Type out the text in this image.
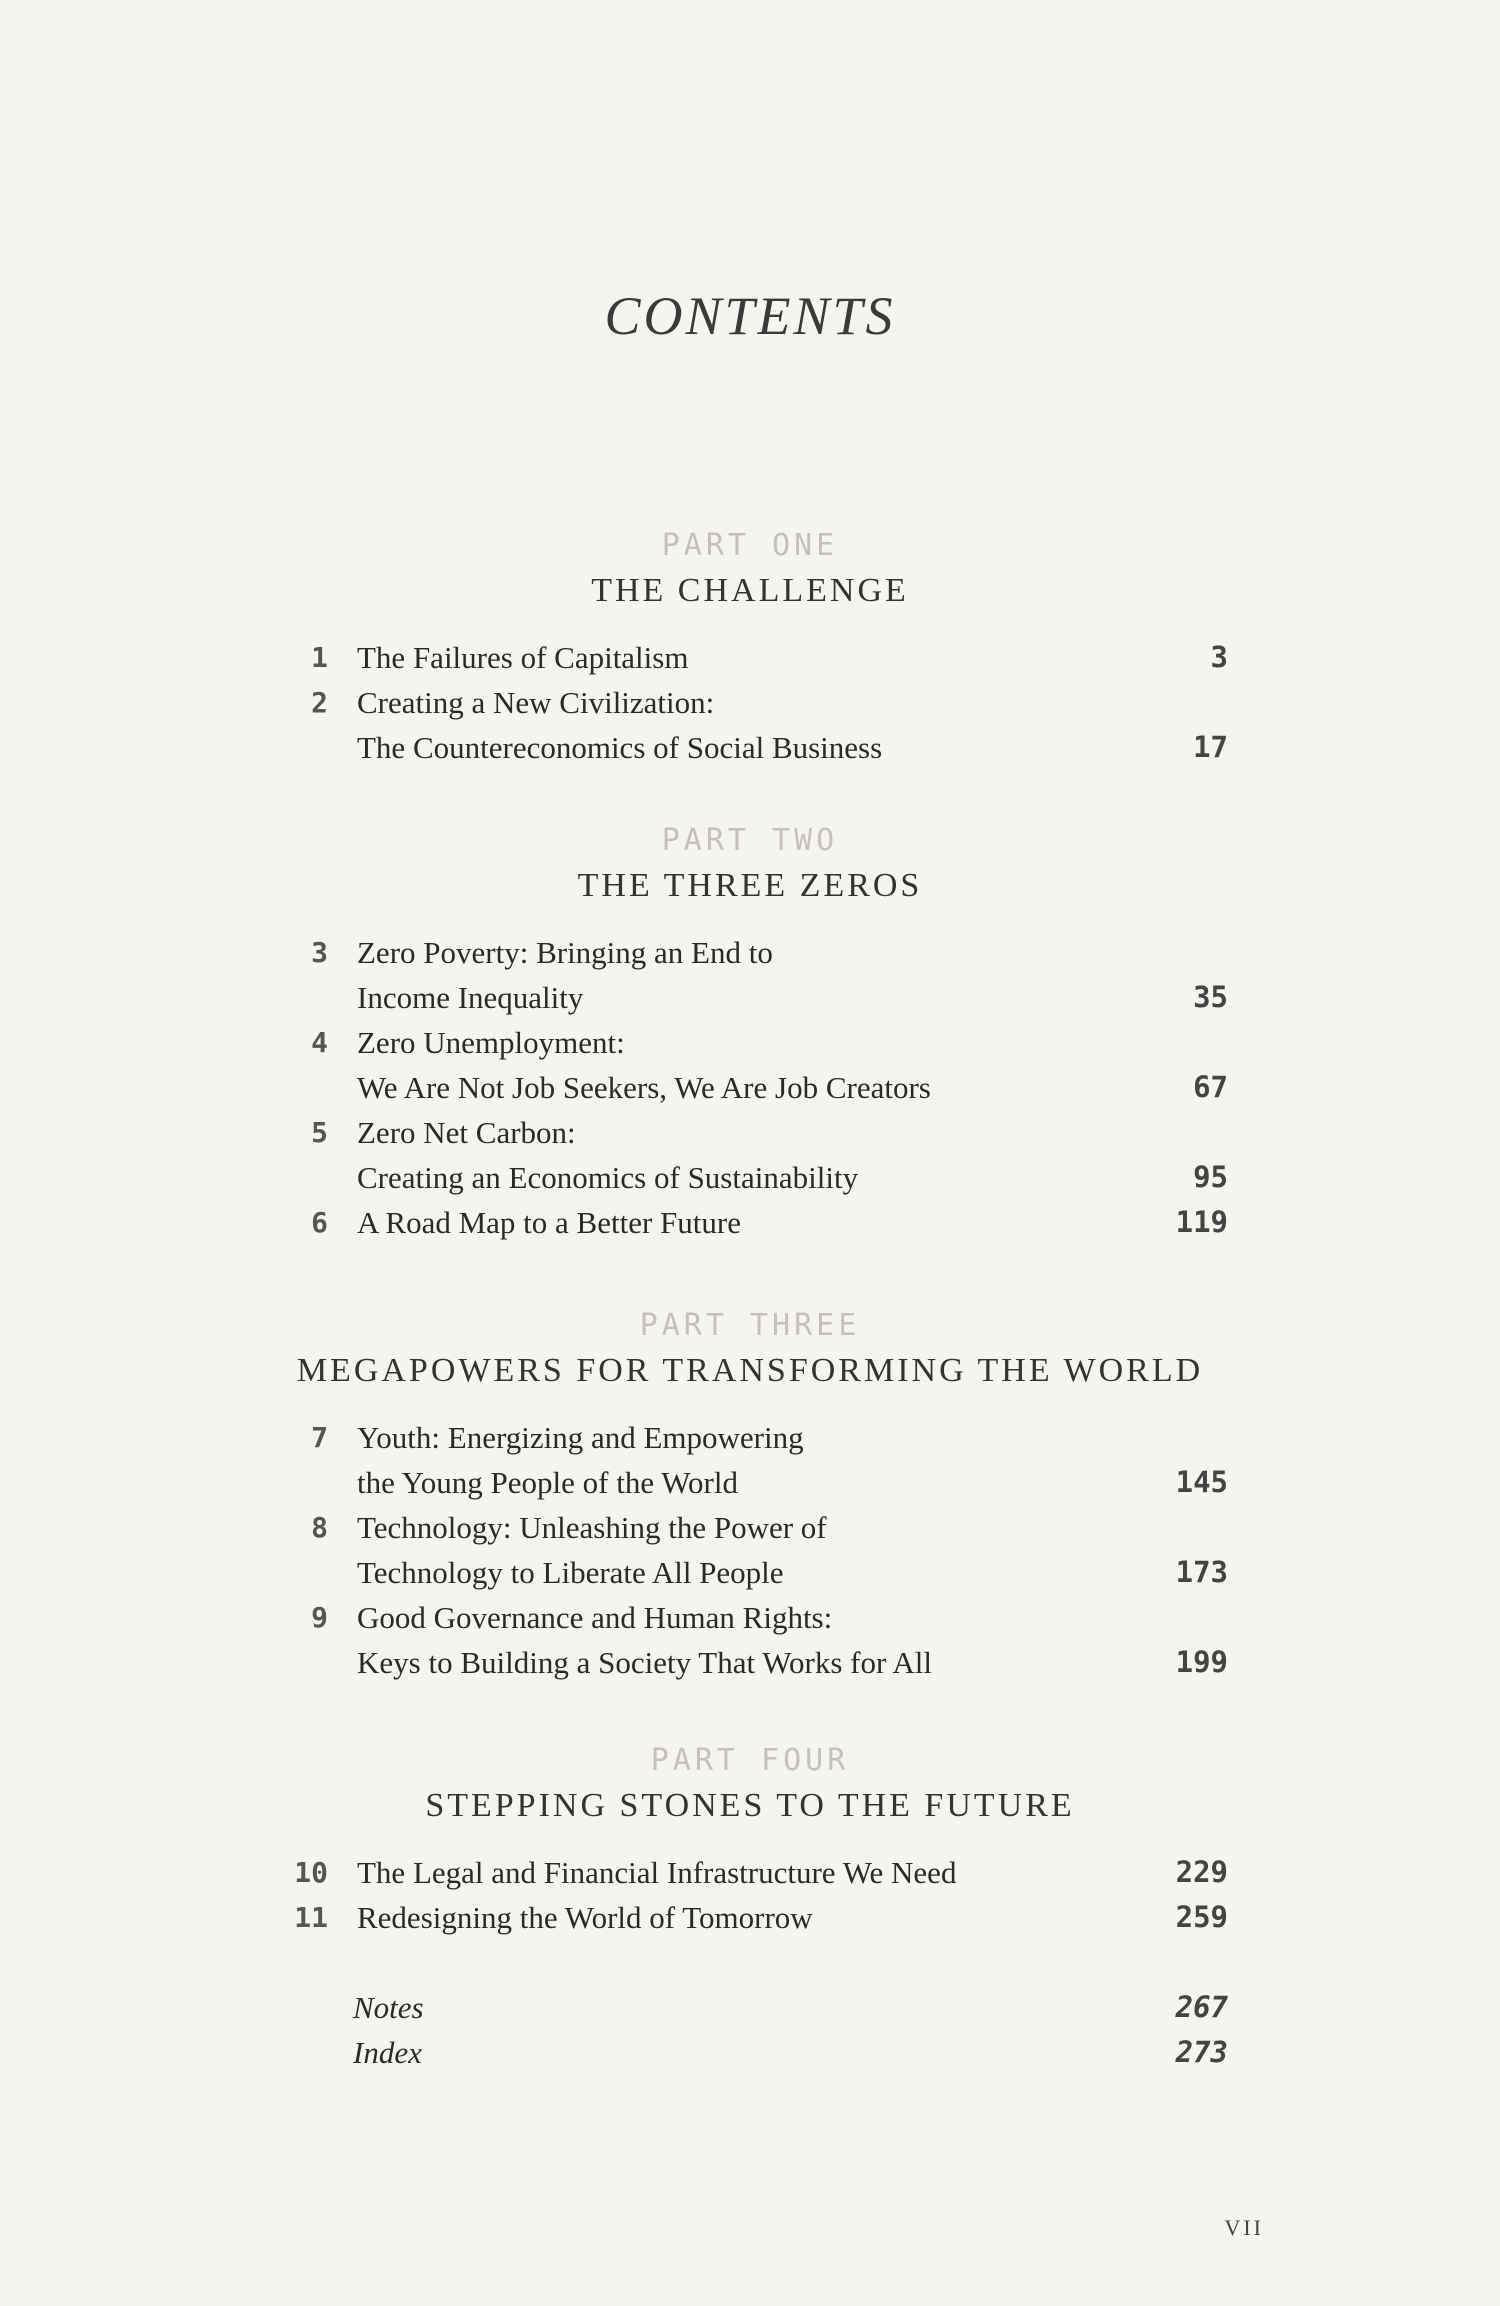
CONTENTS
PART ONE
THE CHALLENGE
1 The Failures of Capitalism	3
2 Creating a New Civilization:
The Countereconomics of Social Business	17
PART TWO
THE THREE ZEROS
3 Zero Poverty: Bringing an End to
Income Inequality	35
4 Zero Unemployment:
We Are Not Job Seekers, We Are Job Creators	67
5 Zero Net Carbon:
Creating an Economics of Sustainability	95
6 A Road Map to a Better Future	119
PART THREE
MEGAPOWERS FOR TRANSFORMING THE WORLD
7 Youth: Energizing and Empowering
the Young People of the World	145
8 Technology: Unleashing the Power of
Technology to Liberate All People	173
9 Good Governance and Human Rights:
Keys to Building a Society That Works for All	199
PART FOUR
STEPPING STONES TO THE FUTURE
10 The Legal and Financial Infrastructure We Need	229
11 Redesigning the World of Tomorrow	259
Notes	267
Index	273
VII
